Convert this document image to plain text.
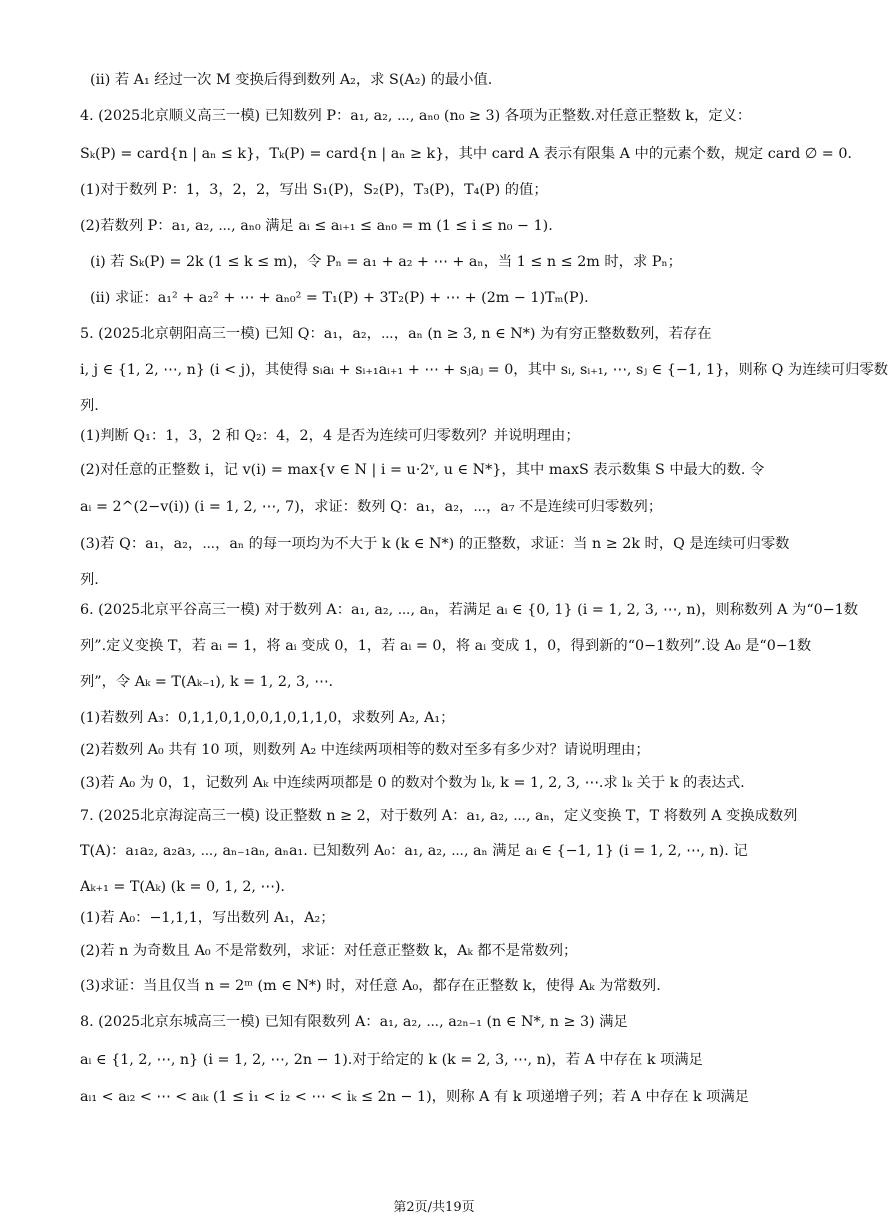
(ii) 若 A₁ 经过一次 M 变换后得到数列 A₂，求 S(A₂) 的最小值.
4. (2025北京顺义高三一模) 已知数列 P：a₁, a₂, ⋯, aₙ₀ (n₀ ≥ 3) 各项为正整数.对任意正整数 k，定义：
Sₖ(P) = card{n | aₙ ≤ k}，Tₖ(P) = card{n | aₙ ≥ k}，其中 card A 表示有限集 A 中的元素个数，规定 card ∅ = 0.
(1)对于数列 P：1，3，2，2，写出 S₁(P)，S₂(P)，T₃(P)，T₄(P) 的值；
(2)若数列 P：a₁, a₂, ⋯, aₙ₀ 满足 aᵢ ≤ aᵢ₊₁ ≤ aₙ₀ = m (1 ≤ i ≤ n₀ − 1).
(i) 若 Sₖ(P) = 2k (1 ≤ k ≤ m)，令 Pₙ = a₁ + a₂ + ⋯ + aₙ，当 1 ≤ n ≤ 2m 时，求 Pₙ；
(ii) 求证：a₁² + a₂² + ⋯ + aₙ₀² = T₁(P) + 3T₂(P) + ⋯ + (2m − 1)Tₘ(P).
5. (2025北京朝阳高三一模) 已知 Q：a₁，a₂，⋯，aₙ (n ≥ 3, n ∈ N*) 为有穷正整数数列，若存在
i, j ∈ {1, 2, ⋯, n} (i < j)，其使得 sᵢaᵢ + sᵢ₊₁aᵢ₊₁ + ⋯ + sⱼaⱼ = 0，其中 sᵢ, sᵢ₊₁, ⋯, sⱼ ∈ {−1, 1}，则称 Q 为连续可归零数
列.
(1)判断 Q₁：1，3，2 和 Q₂：4，2，4 是否为连续可归零数列？并说明理由；
(2)对任意的正整数 i，记 v(i) = max{v ∈ N | i = u·2ᵛ, u ∈ N*}，其中 maxS 表示数集 S 中最大的数. 令
aᵢ = 2^(2−v(i)) (i = 1, 2, ⋯, 7)，求证：数列 Q：a₁，a₂，⋯，a₇ 不是连续可归零数列；
(3)若 Q：a₁，a₂，⋯，aₙ 的每一项均为不大于 k (k ∈ N*) 的正整数，求证：当 n ≥ 2k 时，Q 是连续可归零数
列.
6. (2025北京平谷高三一模) 对于数列 A：a₁, a₂, ⋯, aₙ，若满足 aᵢ ∈ {0, 1} (i = 1, 2, 3, ⋯, n)，则称数列 A 为“0−1数
列”.定义变换 T，若 aᵢ = 1，将 aᵢ 变成 0，1，若 aᵢ = 0，将 aᵢ 变成 1，0，得到新的“0−1数列”.设 A₀ 是“0−1数
列”，令 Aₖ = T(Aₖ₋₁), k = 1, 2, 3, ⋯.
(1)若数列 A₃：0,1,1,0,1,0,0,1,0,1,1,0，求数列 A₂, A₁；
(2)若数列 A₀ 共有 10 项，则数列 A₂ 中连续两项相等的数对至多有多少对？请说明理由；
(3)若 A₀ 为 0，1，记数列 Aₖ 中连续两项都是 0 的数对个数为 lₖ, k = 1, 2, 3, ⋯.求 lₖ 关于 k 的表达式.
7. (2025北京海淀高三一模) 设正整数 n ≥ 2，对于数列 A：a₁, a₂, ⋯, aₙ，定义变换 T，T 将数列 A 变换成数列
T(A)：a₁a₂, a₂a₃, ⋯, aₙ₋₁aₙ, aₙa₁. 已知数列 A₀：a₁, a₂, ⋯, aₙ 满足 aᵢ ∈ {−1, 1} (i = 1, 2, ⋯, n). 记
Aₖ₊₁ = T(Aₖ) (k = 0, 1, 2, ⋯).
(1)若 A₀：−1,1,1，写出数列 A₁，A₂；
(2)若 n 为奇数且 A₀ 不是常数列，求证：对任意正整数 k，Aₖ 都不是常数列；
(3)求证：当且仅当 n = 2ᵐ (m ∈ N*) 时，对任意 A₀，都存在正整数 k，使得 Aₖ 为常数列.
8. (2025北京东城高三一模) 已知有限数列 A：a₁, a₂, ⋯, a₂ₙ₋₁ (n ∈ N*, n ≥ 3) 满足
aᵢ ∈ {1, 2, ⋯, n} (i = 1, 2, ⋯, 2n − 1).对于给定的 k (k = 2, 3, ⋯, n)，若 A 中存在 k 项满足
aᵢ₁ < aᵢ₂ < ⋯ < aᵢₖ (1 ≤ i₁ < i₂ < ⋯ < iₖ ≤ 2n − 1)，则称 A 有 k 项递增子列；若 A 中存在 k 项满足
第2页/共19页
